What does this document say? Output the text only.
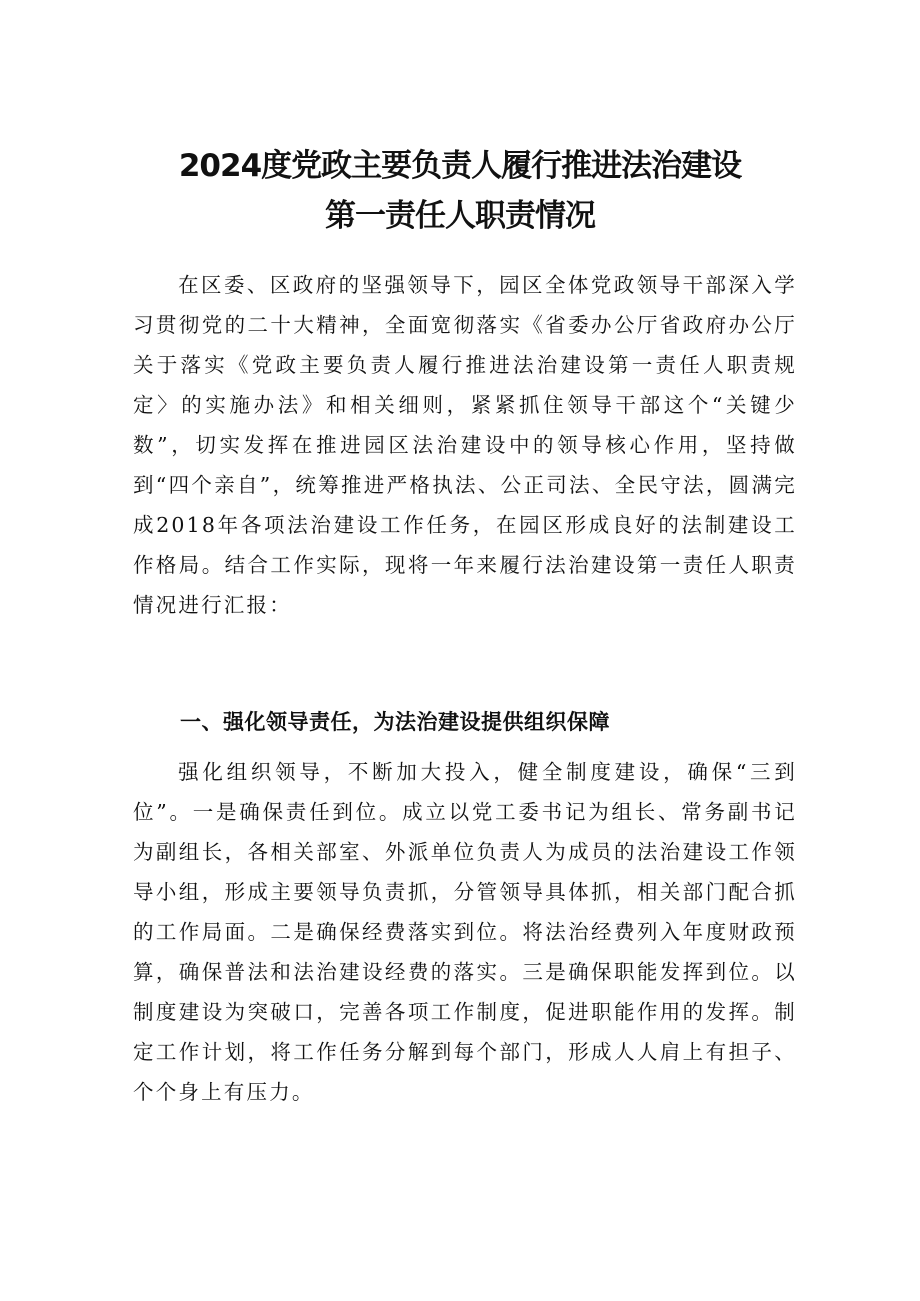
2024度党政主要负责人履行推进法治建设
第一责任人职责情况

在区委、区政府的坚强领导下，园区全体党政领导干部深入学习贯彻党的二十大精神，全面宽彻落实《省委办公厅省政府办公厅关于落实《党政主要负责人履行推进法治建设第一责任人职责规定〉的实施办法》和相关细则，紧紧抓住领导干部这个“关键少数”，切实发挥在推进园区法治建设中的领导核心作用，坚持做到“四个亲自”，统筹推进严格执法、公正司法、全民守法，圆满完成2018年各项法治建设工作任务，在园区形成良好的法制建设工作格局。结合工作实际，现将一年来履行法治建设第一责任人职责情况进行汇报：

一、强化领导责任，为法治建设提供组织保障

强化组织领导，不断加大投入，健全制度建设，确保“三到位”。一是确保责任到位。成立以党工委书记为组长、常务副书记为副组长，各相关部室、外派单位负责人为成员的法治建设工作领导小组，形成主要领导负责抓，分管领导具体抓，相关部门配合抓的工作局面。二是确保经费落实到位。将法治经费列入年度财政预算，确保普法和法治建设经费的落实。三是确保职能发挥到位。以制度建设为突破口，完善各项工作制度，促进职能作用的发挥。制定工作计划，将工作任务分解到每个部门，形成人人肩上有担子、个个身上有压力。
